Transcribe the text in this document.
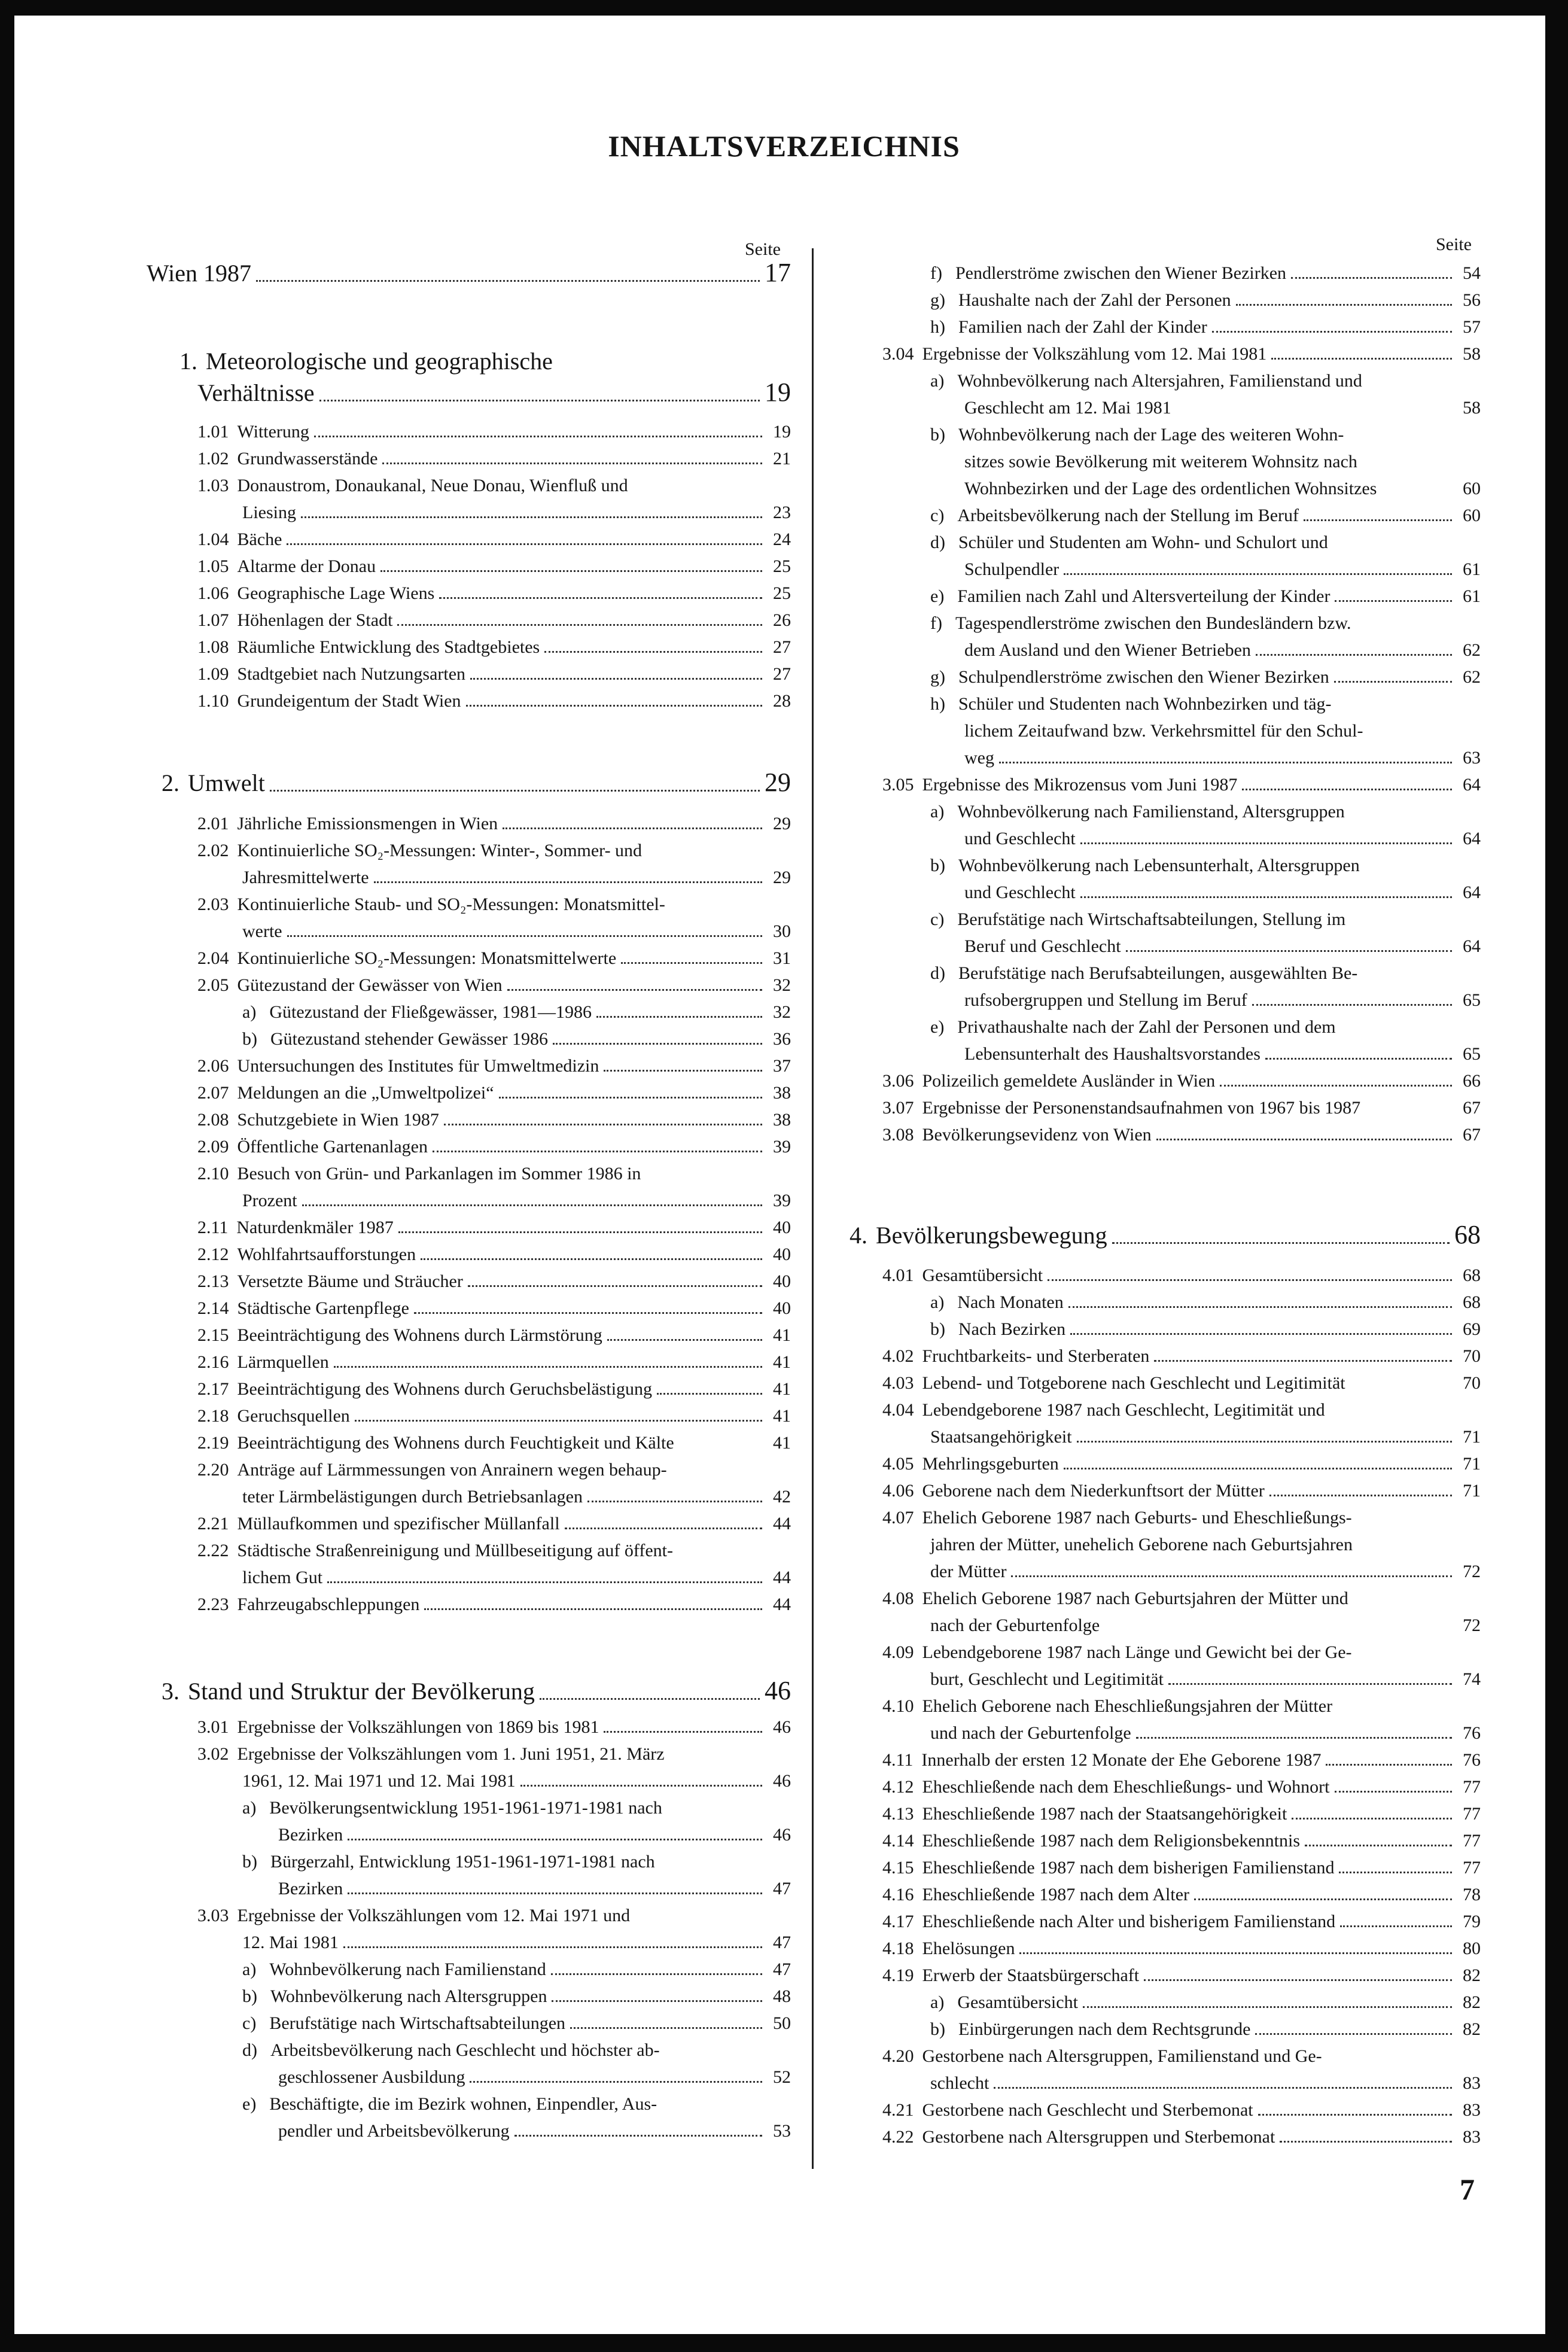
INHALTSVERZEICHNIS
Seite	Seite
Wien 1987	17
1. Meteorologische und geographische
Verhältnisse	19
1.01 Witterung	19
1.02 Grundwasserstände	21
1.03 Donaustrom, Donaukanal, Neue Donau, Wienfluß und
Liesing	23
1.04 Bäche	24
1.05 Altarme der Donau	25
1.06 Geographische Lage Wiens	25
1.07 Höhenlagen der Stadt	26
1.08 Räumliche Entwicklung des Stadtgebietes	27
1.09 Stadtgebiet nach Nutzungsarten	27
1.10 Grundeigentum der Stadt Wien	28
2. Umwelt	29
2.01 Jährliche Emissionsmengen in Wien	29
2.02 Kontinuierliche SO₂-Messungen: Winter-, Sommer- und
Jahresmittelwerte	29
2.03 Kontinuierliche Staub- und SO₂-Messungen: Monatsmittel-
werte	30
2.04 Kontinuierliche SO₂-Messungen: Monatsmittelwerte	31
2.05 Gütezustand der Gewässer von Wien	32
a) Gütezustand der Fließgewässer, 1981—1986	32
b) Gütezustand stehender Gewässer 1986	36
2.06 Untersuchungen des Institutes für Umweltmedizin	37
2.07 Meldungen an die „Umweltpolizei“	38
2.08 Schutzgebiete in Wien 1987	38
2.09 Öffentliche Gartenanlagen	39
2.10 Besuch von Grün- und Parkanlagen im Sommer 1986 in
Prozent	39
2.11 Naturdenkmäler 1987	40
2.12 Wohlfahrtsaufforstungen	40
2.13 Versetzte Bäume und Sträucher	40
2.14 Städtische Gartenpflege	40
2.15 Beeinträchtigung des Wohnens durch Lärmstörung	41
2.16 Lärmquellen	41
2.17 Beeinträchtigung des Wohnens durch Geruchsbelästigung	41
2.18 Geruchsquellen	41
2.19 Beeinträchtigung des Wohnens durch Feuchtigkeit und Kälte	41
2.20 Anträge auf Lärmmessungen von Anrainern wegen behaup-
teter Lärmbelästigungen durch Betriebsanlagen	42
2.21 Müllaufkommen und spezifischer Müllanfall	44
2.22 Städtische Straßenreinigung und Müllbeseitigung auf öffent-
lichem Gut	44
2.23 Fahrzeugabschleppungen	44
3. Stand und Struktur der Bevölkerung	46
3.01 Ergebnisse der Volkszählungen von 1869 bis 1981	46
3.02 Ergebnisse der Volkszählungen vom 1. Juni 1951, 21. März
1961, 12. Mai 1971 und 12. Mai 1981	46
a) Bevölkerungsentwicklung 1951-1961-1971-1981 nach
Bezirken	46
b) Bürgerzahl, Entwicklung 1951-1961-1971-1981 nach
Bezirken	47
3.03 Ergebnisse der Volkszählungen vom 12. Mai 1971 und
12. Mai 1981	47
a) Wohnbevölkerung nach Familienstand	47
b) Wohnbevölkerung nach Altersgruppen	48
c) Berufstätige nach Wirtschaftsabteilungen	50
d) Arbeitsbevölkerung nach Geschlecht und höchster ab-
geschlossener Ausbildung	52
e) Beschäftigte, die im Bezirk wohnen, Einpendler, Aus-
pendler und Arbeitsbevölkerung	53
f) Pendlerströme zwischen den Wiener Bezirken	54
g) Haushalte nach der Zahl der Personen	56
h) Familien nach der Zahl der Kinder	57
3.04 Ergebnisse der Volkszählung vom 12. Mai 1981	58
a) Wohnbevölkerung nach Altersjahren, Familienstand und
Geschlecht am 12. Mai 1981	58
b) Wohnbevölkerung nach der Lage des weiteren Wohn-
sitzes sowie Bevölkerung mit weiterem Wohnsitz nach
Wohnbezirken und der Lage des ordentlichen Wohnsitzes	60
c) Arbeitsbevölkerung nach der Stellung im Beruf	60
d) Schüler und Studenten am Wohn- und Schulort und
Schulpendler	61
e) Familien nach Zahl und Altersverteilung der Kinder	61
f) Tagespendlerströme zwischen den Bundesländern bzw.
dem Ausland und den Wiener Betrieben	62
g) Schulpendlerströme zwischen den Wiener Bezirken	62
h) Schüler und Studenten nach Wohnbezirken und täg-
lichem Zeitaufwand bzw. Verkehrsmittel für den Schul-
weg	63
3.05 Ergebnisse des Mikrozensus vom Juni 1987	64
a) Wohnbevölkerung nach Familienstand, Altersgruppen
und Geschlecht	64
b) Wohnbevölkerung nach Lebensunterhalt, Altersgruppen
und Geschlecht	64
c) Berufstätige nach Wirtschaftsabteilungen, Stellung im
Beruf und Geschlecht	64
d) Berufstätige nach Berufsabteilungen, ausgewählten Be-
rufsobergruppen und Stellung im Beruf	65
e) Privathaushalte nach der Zahl der Personen und dem
Lebensunterhalt des Haushaltsvorstandes	65
3.06 Polizeilich gemeldete Ausländer in Wien	66
3.07 Ergebnisse der Personenstandsaufnahmen von 1967 bis 1987	67
3.08 Bevölkerungsevidenz von Wien	67
4. Bevölkerungsbewegung	68
4.01 Gesamtübersicht	68
a) Nach Monaten	68
b) Nach Bezirken	69
4.02 Fruchtbarkeits- und Sterberaten	70
4.03 Lebend- und Totgeborene nach Geschlecht und Legitimität	70
4.04 Lebendgeborene 1987 nach Geschlecht, Legitimität und
Staatsangehörigkeit	71
4.05 Mehrlingsgeburten	71
4.06 Geborene nach dem Niederkunftsort der Mütter	71
4.07 Ehelich Geborene 1987 nach Geburts- und Eheschließungs-
jahren der Mütter, unehelich Geborene nach Geburtsjahren
der Mütter	72
4.08 Ehelich Geborene 1987 nach Geburtsjahren der Mütter und
nach der Geburtenfolge	72
4.09 Lebendgeborene 1987 nach Länge und Gewicht bei der Ge-
burt, Geschlecht und Legitimität	74
4.10 Ehelich Geborene nach Eheschließungsjahren der Mütter
und nach der Geburtenfolge	76
4.11 Innerhalb der ersten 12 Monate der Ehe Geborene 1987	76
4.12 Eheschließende nach dem Eheschließungs- und Wohnort	77
4.13 Eheschließende 1987 nach der Staatsangehörigkeit	77
4.14 Eheschließende 1987 nach dem Religionsbekenntnis	77
4.15 Eheschließende 1987 nach dem bisherigen Familienstand	77
4.16 Eheschließende 1987 nach dem Alter	78
4.17 Eheschließende nach Alter und bisherigem Familienstand	79
4.18 Ehelösungen	80
4.19 Erwerb der Staatsbürgerschaft	82
a) Gesamtübersicht	82
b) Einbürgerungen nach dem Rechtsgrunde	82
4.20 Gestorbene nach Altersgruppen, Familienstand und Ge-
schlecht	83
4.21 Gestorbene nach Geschlecht und Sterbemonat	83
4.22 Gestorbene nach Altersgruppen und Sterbemonat	83
7
